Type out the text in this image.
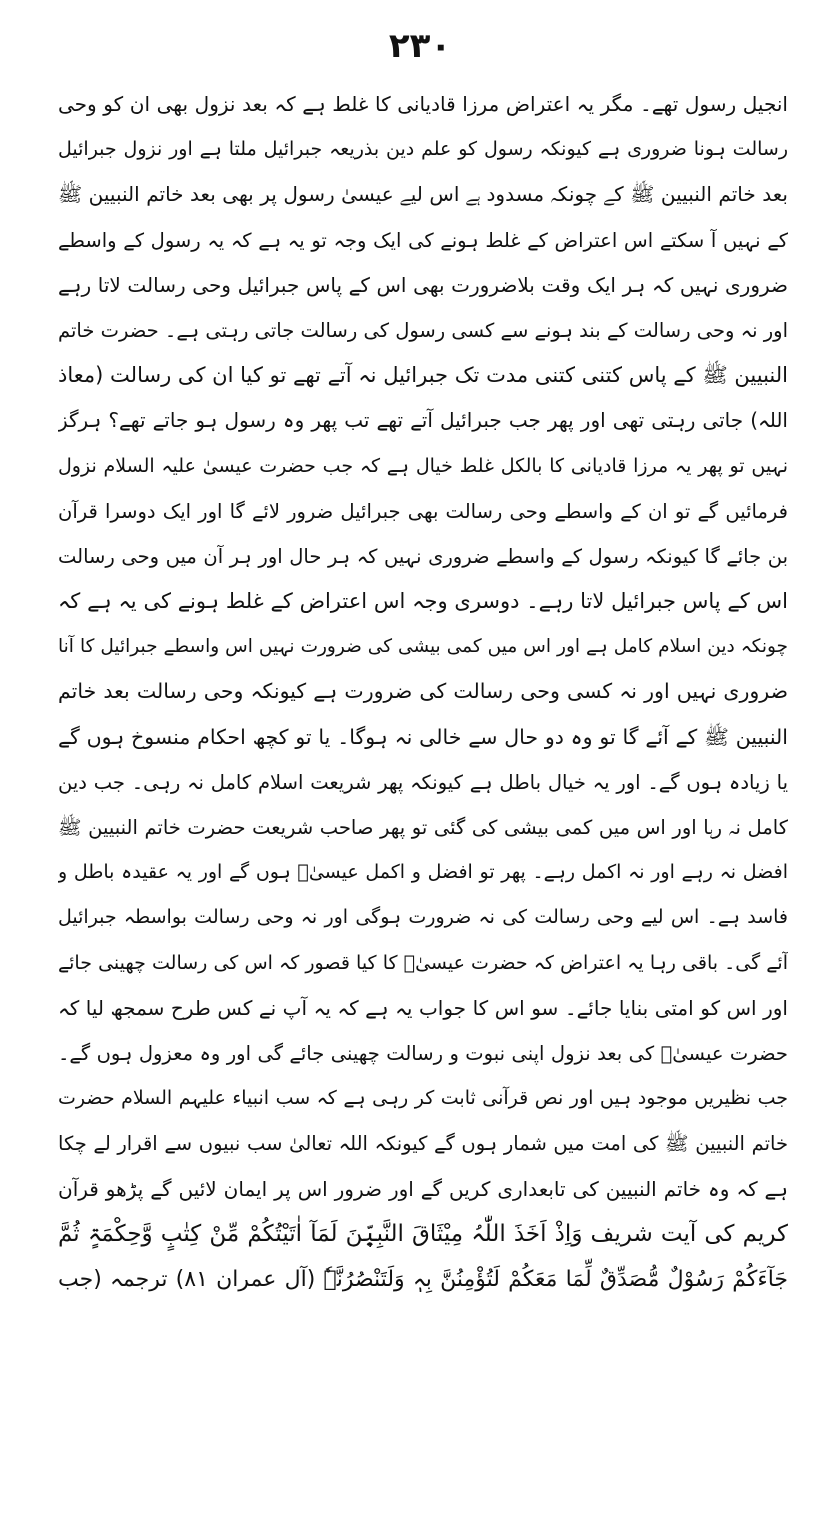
۲۳۰
انجیل رسول تھے۔ مگر یہ اعتراض مرزا قادیانی کا غلط ہے کہ بعد نزول بھی ان کو وحی
رسالت ہونا ضروری ہے کیونکہ رسول کو علم دین بذریعہ جبرائیل ملتا ہے اور نزول جبرائیل
بعد خاتم النبیین ﷺ کے چونکہ مسدود ہے اس لیے عیسیٰ رسول پر بھی بعد خاتم النبیین ﷺ
کے نہیں آ سکتے اس اعتراض کے غلط ہونے کی ایک وجہ تو یہ ہے کہ یہ رسول کے واسطے
ضروری نہیں کہ ہر ایک وقت بلاضرورت بھی اس کے پاس جبرائیل وحی رسالت لاتا رہے
اور نہ وحی رسالت کے بند ہونے سے کسی رسول کی رسالت جاتی رہتی ہے۔ حضرت خاتم
النبیین ﷺ کے پاس کتنی کتنی مدت تک جبرائیل نہ آتے تھے تو کیا ان کی رسالت (معاذ
اللہ) جاتی رہتی تھی اور پھر جب جبرائیل آتے تھے تب پھر وہ رسول ہو جاتے تھے؟ ہرگز
نہیں تو پھر یہ مرزا قادیانی کا بالکل غلط خیال ہے کہ جب حضرت عیسیٰ علیہ السلام نزول
فرمائیں گے تو ان کے واسطے وحی رسالت بھی جبرائیل ضرور لائے گا اور ایک دوسرا قرآن
بن جائے گا کیونکہ رسول کے واسطے ضروری نہیں کہ ہر حال اور ہر آن میں وحی رسالت
اس کے پاس جبرائیل لاتا رہے۔ دوسری وجہ اس اعتراض کے غلط ہونے کی یہ ہے کہ
چونکہ دین اسلام کامل ہے اور اس میں کمی بیشی کی ضرورت نہیں اس واسطے جبرائیل کا آنا
ضروری نہیں اور نہ کسی وحی رسالت کی ضرورت ہے کیونکہ وحی رسالت بعد خاتم
النبیین ﷺ کے آئے گا تو وہ دو حال سے خالی نہ ہوگا۔ یا تو کچھ احکام منسوخ ہوں گے
یا زیادہ ہوں گے۔ اور یہ خیال باطل ہے کیونکہ پھر شریعت اسلام کامل نہ رہی۔ جب دین
کامل نہ رہا اور اس میں کمی بیشی کی گئی تو پھر صاحب شریعت حضرت خاتم النبیین ﷺ
افضل نہ رہے اور نہ اکمل رہے۔ پھر تو افضل و اکمل عیسیٰؑ ہوں گے اور یہ عقیدہ باطل و
فاسد ہے۔ اس لیے وحی رسالت کی نہ ضرورت ہوگی اور نہ وحی رسالت بواسطہ جبرائیل
آئے گی۔ باقی رہا یہ اعتراض کہ حضرت عیسیٰؑ کا کیا قصور کہ اس کی رسالت چھینی جائے
اور اس کو امتی بنایا جائے۔ سو اس کا جواب یہ ہے کہ یہ آپ نے کس طرح سمجھ لیا کہ
حضرت عیسیٰؑ کی بعد نزول اپنی نبوت و رسالت چھینی جائے گی اور وہ معزول ہوں گے۔
جب نظیریں موجود ہیں اور نص قرآنی ثابت کر رہی ہے کہ سب انبیاء علیہم السلام حضرت
خاتم النبیین ﷺ کی امت میں شمار ہوں گے کیونکہ اللہ تعالیٰ سب نبیوں سے اقرار لے چکا
ہے کہ وہ خاتم النبیین کی تابعداری کریں گے اور ضرور اس پر ایمان لائیں گے پڑھو قرآن
کریم کی آیت شریف وَاِذْ اَخَذَ اللّٰہُ مِیْثَاقَ النَّبِیّٖنَ لَمَآ اٰتَیْتُکُمْ مِّنْ کِتٰبٍ وَّحِکْمَۃٍ ثُمَّ
جَآءَکُمْ رَسُوْلٌ مُّصَدِّقٌ لِّمَا مَعَکُمْ لَتُؤْمِنُنَّ بِہٖ وَلَتَنْصُرُنَّہٗ (آل عمران ۸۱) ترجمہ (جب
